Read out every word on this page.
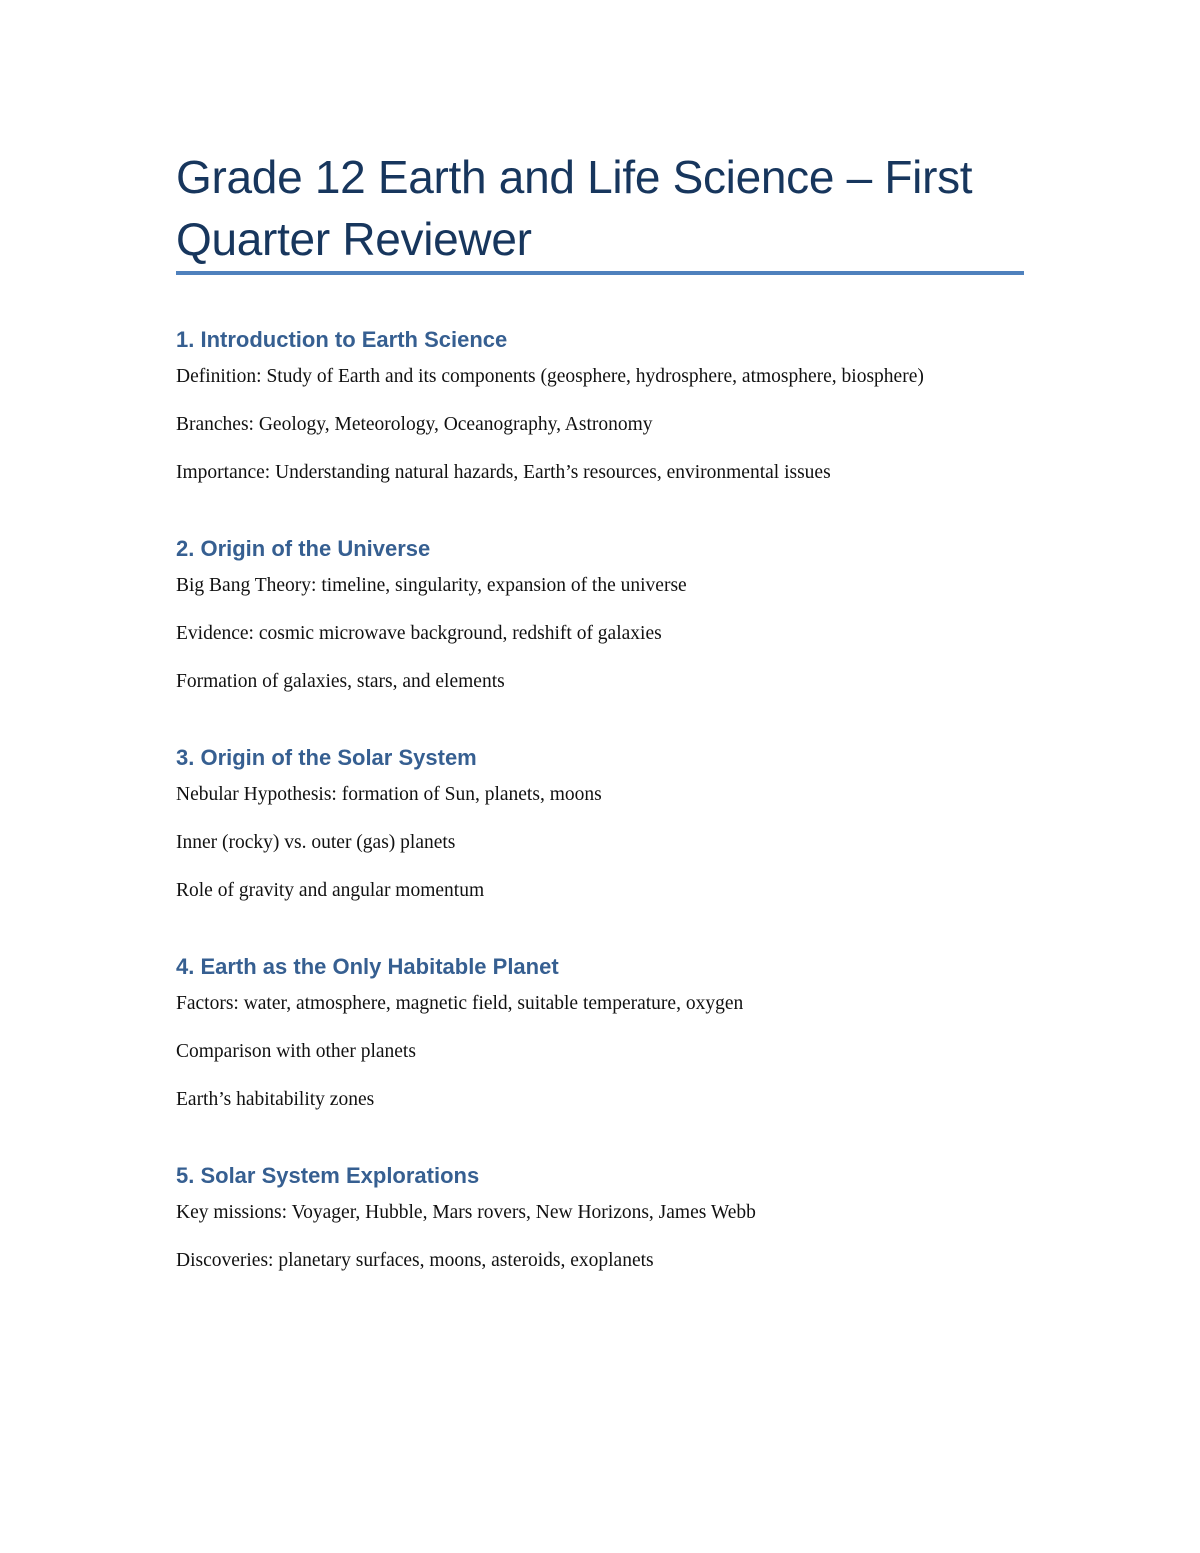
Grade 12 Earth and Life Science – First Quarter Reviewer
1. Introduction to Earth Science

Definition: Study of Earth and its components (geosphere, hydrosphere, atmosphere, biosphere)

Branches: Geology, Meteorology, Oceanography, Astronomy

Importance: Understanding natural hazards, Earth’s resources, environmental issues

2. Origin of the Universe

Big Bang Theory: timeline, singularity, expansion of the universe

Evidence: cosmic microwave background, redshift of galaxies

Formation of galaxies, stars, and elements

3. Origin of the Solar System

Nebular Hypothesis: formation of Sun, planets, moons

Inner (rocky) vs. outer (gas) planets

Role of gravity and angular momentum

4. Earth as the Only Habitable Planet

Factors: water, atmosphere, magnetic field, suitable temperature, oxygen

Comparison with other planets

Earth’s habitability zones

5. Solar System Explorations

Key missions: Voyager, Hubble, Mars rovers, New Horizons, James Webb

Discoveries: planetary surfaces, moons, asteroids, exoplanets
